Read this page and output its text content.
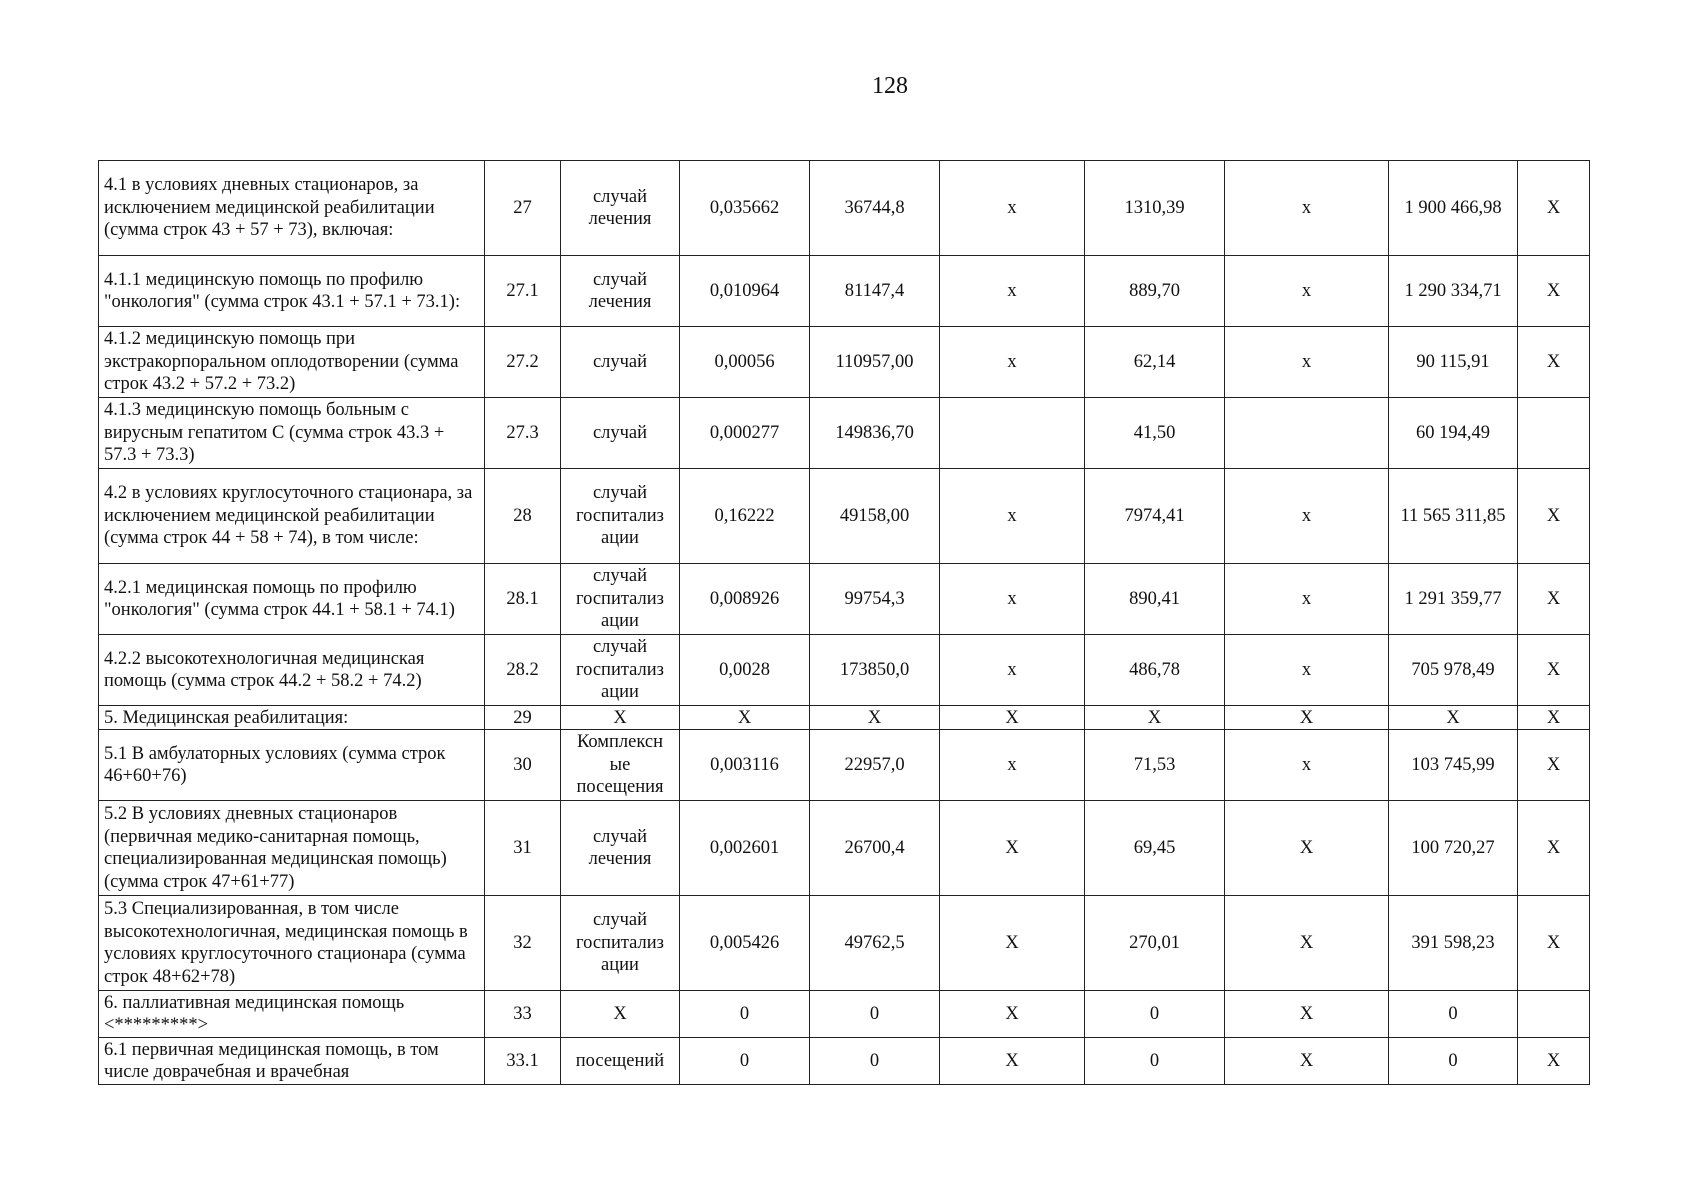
128
4.1 в условиях дневных стационаров, за исключением медицинской реабилитации (сумма строк 43 + 57 + 73), включая:	27	случай лечения	0,035662	36744,8	х	1310,39	х	1 900 466,98	Х
4.1.1 медицинскую помощь по профилю "онкология" (сумма строк 43.1 + 57.1 + 73.1):	27.1	случай лечения	0,010964	81147,4	х	889,70	х	1 290 334,71	Х
4.1.2 медицинскую помощь при экстракорпоральном оплодотворении (сумма строк 43.2 + 57.2 + 73.2)	27.2	случай	0,00056	110957,00	х	62,14	х	90 115,91	Х
4.1.3 медицинскую помощь больным с вирусным гепатитом С (сумма строк 43.3 + 57.3 + 73.3)	27.3	случай	0,000277	149836,70		41,50		60 194,49	
4.2 в условиях круглосуточного стационара, за исключением медицинской реабилитации (сумма строк 44 + 58 + 74), в том числе:	28	случай госпитализ ации	0,16222	49158,00	х	7974,41	х	11 565 311,85	Х
4.2.1 медицинская помощь по профилю "онкология" (сумма строк 44.1 + 58.1 + 74.1)	28.1	случай госпитализ ации	0,008926	99754,3	х	890,41	х	1 291 359,77	Х
4.2.2 высокотехнологичная медицинская помощь (сумма строк 44.2 + 58.2 + 74.2)	28.2	случай госпитализ ации	0,0028	173850,0	х	486,78	х	705 978,49	Х
5. Медицинская реабилитация:	29	Х	Х	Х	Х	Х	Х	Х	Х
5.1 В амбулаторных условиях (сумма строк 46+60+76)	30	Комплексн ые посещения	0,003116	22957,0	х	71,53	х	103 745,99	Х
5.2 В условиях дневных стационаров (первичная медико-санитарная помощь, специализированная медицинская помощь) (сумма строк 47+61+77)	31	случай лечения	0,002601	26700,4	Х	69,45	Х	100 720,27	Х
5.3 Специализированная, в том числе высокотехнологичная, медицинская помощь в условиях круглосуточного стационара (сумма строк 48+62+78)	32	случай госпитализ ации	0,005426	49762,5	Х	270,01	Х	391 598,23	Х
6. паллиативная медицинская помощь <*********>	33	Х	0	0	Х	0	Х	0	
6.1 первичная медицинская помощь, в том числе доврачебная и врачебная	33.1	посещений	0	0	Х	0	Х	0	Х
